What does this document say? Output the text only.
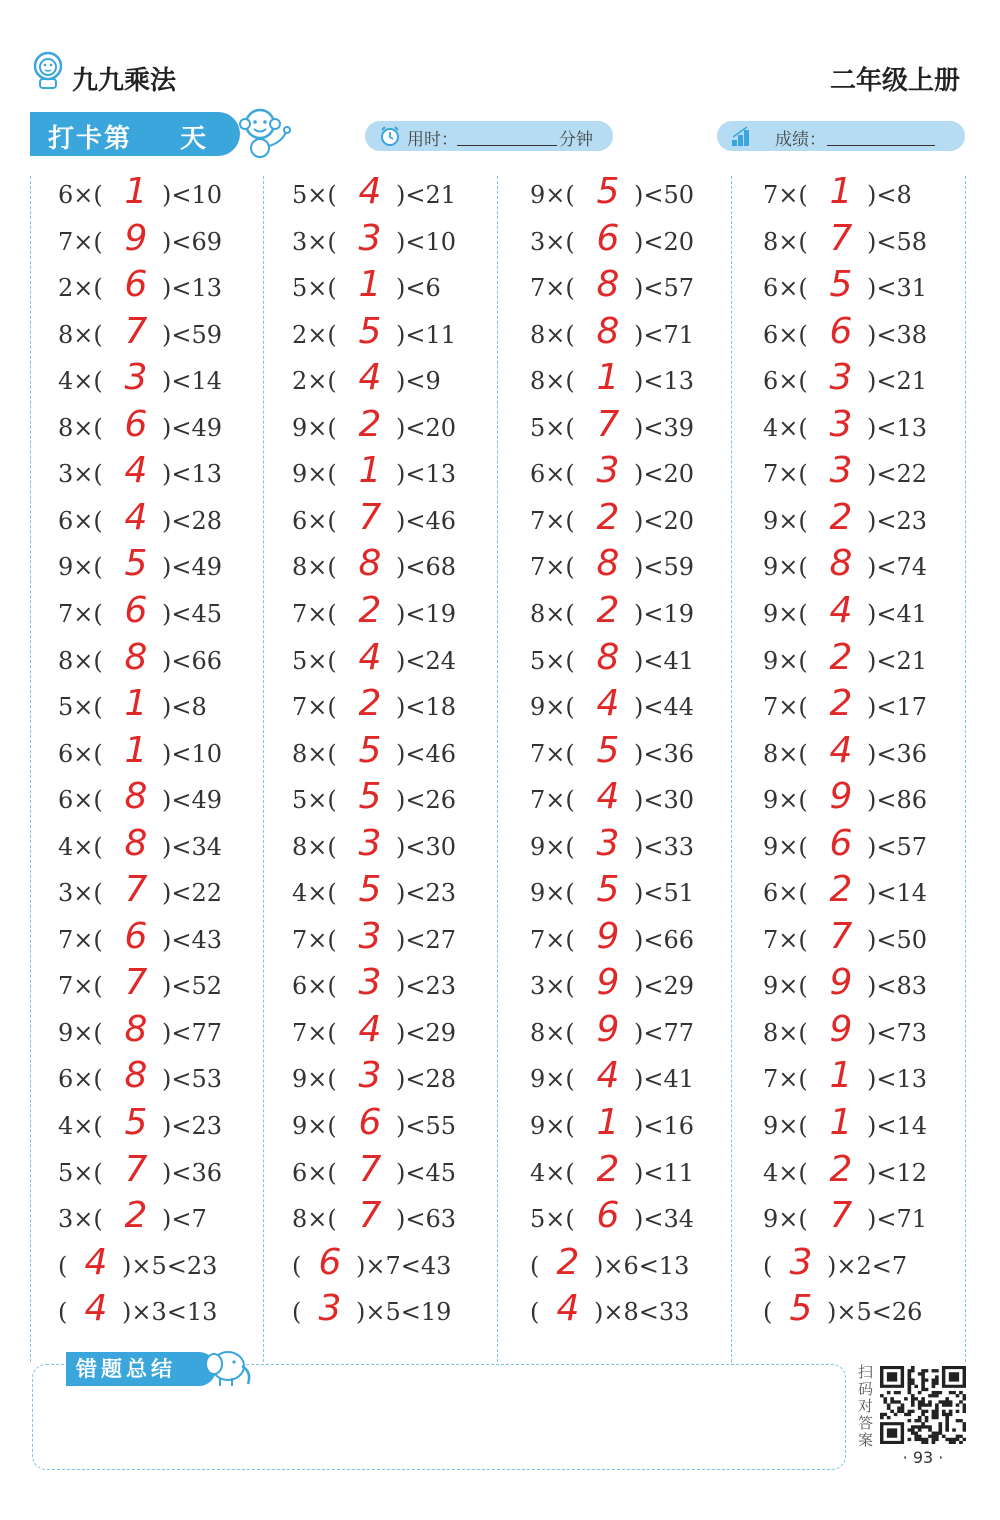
九九乘法	二年级上册
打卡第 天	用时：	分钟	成绩：
6×( 1 )<10
7×( 9 )<69
2×( 6 )<13
8×( 7 )<59
4×( 3 )<14
8×( 6 )<49
3×( 4 )<13
6×( 4 )<28
9×( 5 )<49
7×( 6 )<45
8×( 8 )<66
5×( 1 )<8
6×( 1 )<10
6×( 8 )<49
4×( 8 )<34
3×( 7 )<22
7×( 6 )<43
7×( 7 )<52
9×( 8 )<77
6×( 8 )<53
4×( 5 )<23
5×( 7 )<36
3×( 2 )<7
( 4 )×5<23
( 4 )×3<13
5×( 4 )<21
3×( 3 )<10
5×( 1 )<6
2×( 5 )<11
2×( 4 )<9
9×( 2 )<20
9×( 1 )<13
6×( 7 )<46
8×( 8 )<68
7×( 2 )<19
5×( 4 )<24
7×( 2 )<18
8×( 5 )<46
5×( 5 )<26
8×( 3 )<30
4×( 5 )<23
7×( 3 )<27
6×( 3 )<23
7×( 4 )<29
9×( 3 )<28
9×( 6 )<55
6×( 7 )<45
8×( 7 )<63
( 6 )×7<43
( 3 )×5<19
9×( 5 )<50
3×( 6 )<20
7×( 8 )<57
8×( 8 )<71
8×( 1 )<13
5×( 7 )<39
6×( 3 )<20
7×( 2 )<20
7×( 8 )<59
8×( 2 )<19
5×( 8 )<41
9×( 4 )<44
7×( 5 )<36
7×( 4 )<30
9×( 3 )<33
9×( 5 )<51
7×( 9 )<66
3×( 9 )<29
8×( 9 )<77
9×( 4 )<41
9×( 1 )<16
4×( 2 )<11
5×( 6 )<34
( 2 )×6<13
( 4 )×8<33
7×( 1 )<8
8×( 7 )<58
6×( 5 )<31
6×( 6 )<38
6×( 3 )<21
4×( 3 )<13
7×( 3 )<22
9×( 2 )<23
9×( 8 )<74
9×( 4 )<41
9×( 2 )<21
7×( 2 )<17
8×( 4 )<36
9×( 9 )<86
9×( 6 )<57
6×( 2 )<14
7×( 7 )<50
9×( 9 )<83
8×( 9 )<73
7×( 1 )<13
9×( 1 )<14
4×( 2 )<12
9×( 7 )<71
( 3 )×2<7
( 5 )×5<26
错题总结	扫码对答案
· 93 ·
